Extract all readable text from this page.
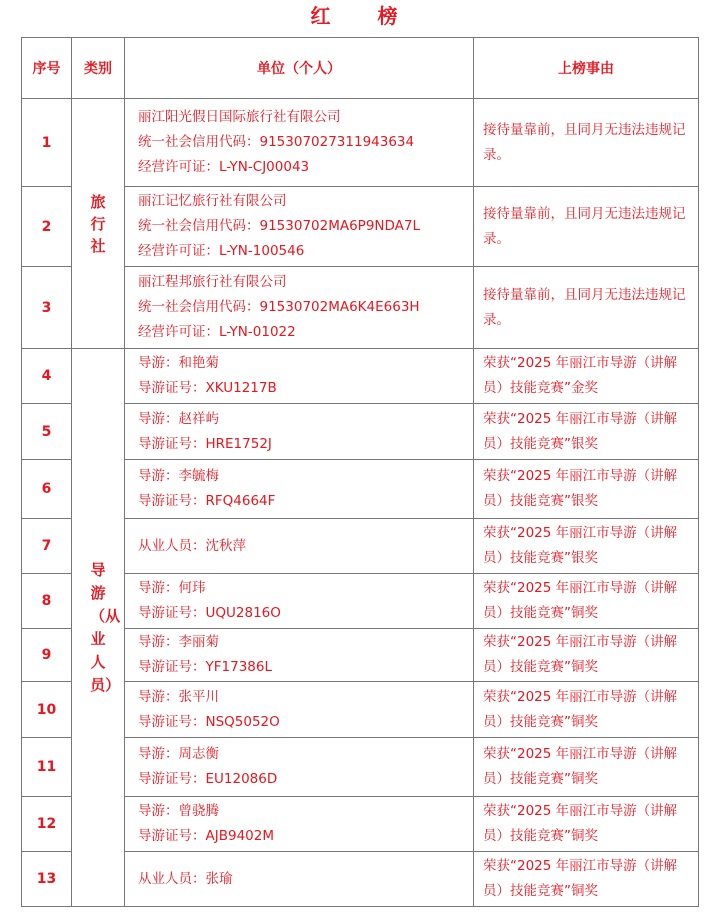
红 榜
序号	类别	单位（个人）	上榜事由
1	旅行社	丽江阳光假日国际旅行社有限公司
统一社会信用代码：91530702731194363​4
经营许可证：L-YN-CJ00043	接待量靠前，且同月无违法违规记录。
2		丽江记忆旅行社有限公司
统一社会信用代码：91530702MA6P9NDA7L
经营许可证：L-YN-100546	接待量靠前，且同月无违法违规记录。
3		丽江程邦旅行社有限公司
统一社会信用代码：91530702MA6K4E663H
经营许可证：L-YN-01022	接待量靠前，且同月无违法违规记录。
4	导游（从业人员）	导游：和艳菊
导游证号：XKU1217B	荣获“2025 年丽江市导游（讲解员）技能竞赛”金奖
5		导游：赵祥屿
导游证号：HRE1752J	荣获“2025 年丽江市导游（讲解员）技能竞赛”银奖
6		导游：李毓梅
导游证号：RFQ4664F	荣获“2025 年丽江市导游（讲解员）技能竞赛”银奖
7		从业人员：沈秋萍	荣获“2025 年丽江市导游（讲解员）技能竞赛”银奖
8		导游：何玮
导游证号：UQU2816O	荣获“2025 年丽江市导游（讲解员）技能竞赛”铜奖
9		导游：李丽菊
导游证号：YF17386L	荣获“2025 年丽江市导游（讲解员）技能竞赛”铜奖
10		导游：张平川
导游证号：NSQ5052O	荣获“2025 年丽江市导游（讲解员）技能竞赛”铜奖
11		导游：周志衡
导游证号：EU12086D	荣获“2025 年丽江市导游（讲解员）技能竞赛”铜奖
12		导游：曾骁腾
导游证号：AJB9402M	荣获“2025 年丽江市导游（讲解员）技能竞赛”铜奖
13		从业人员：张瑜	荣获“2025 年丽江市导游（讲解员）技能竞赛”铜奖
